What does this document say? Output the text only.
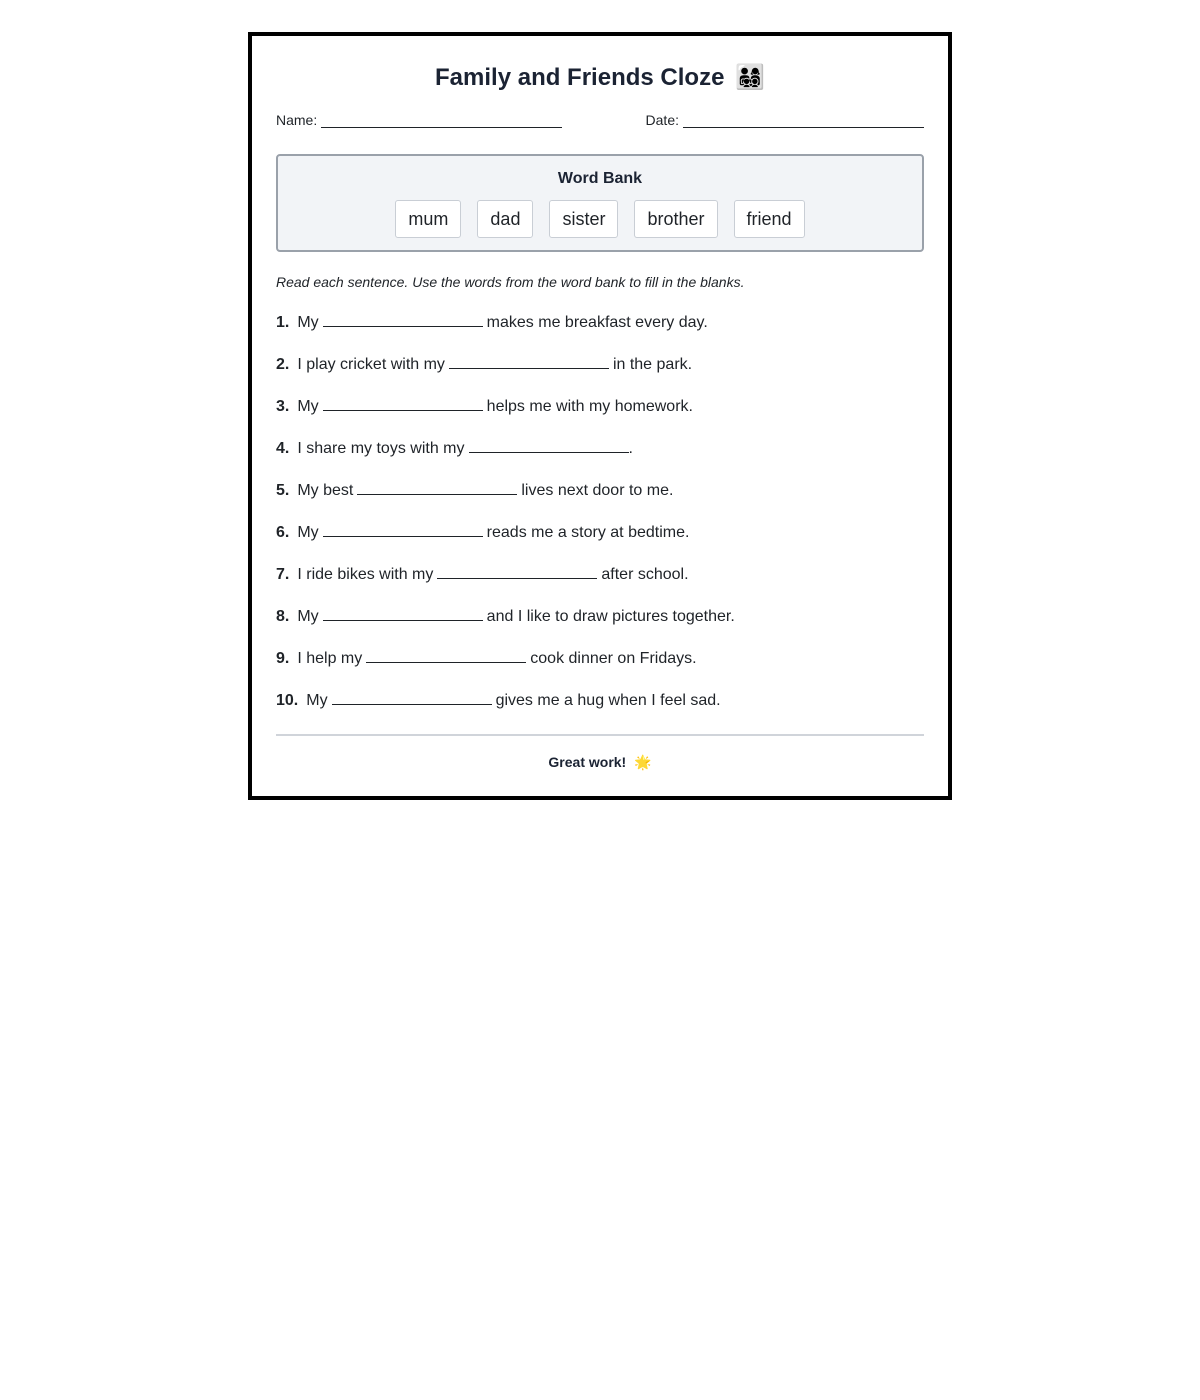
Family and Friends Cloze 👨‍👩‍👧‍👦
Name:	Date:
Word Bank
mum	dad	sister	brother	friend
Read each sentence. Use the words from the word bank to fill in the blanks.
1. My	makes me breakfast every day.
2. I play cricket with my	in the park.
3. My	helps me with my homework.
4. I share my toys with my	.
5. My best	lives next door to me.
6. My	reads me a story at bedtime.
7. I ride bikes with my	after school.
8. My	and I like to draw pictures together.
9. I help my	cook dinner on Fridays.
10. My	gives me a hug when I feel sad.
Great work! 🌟
